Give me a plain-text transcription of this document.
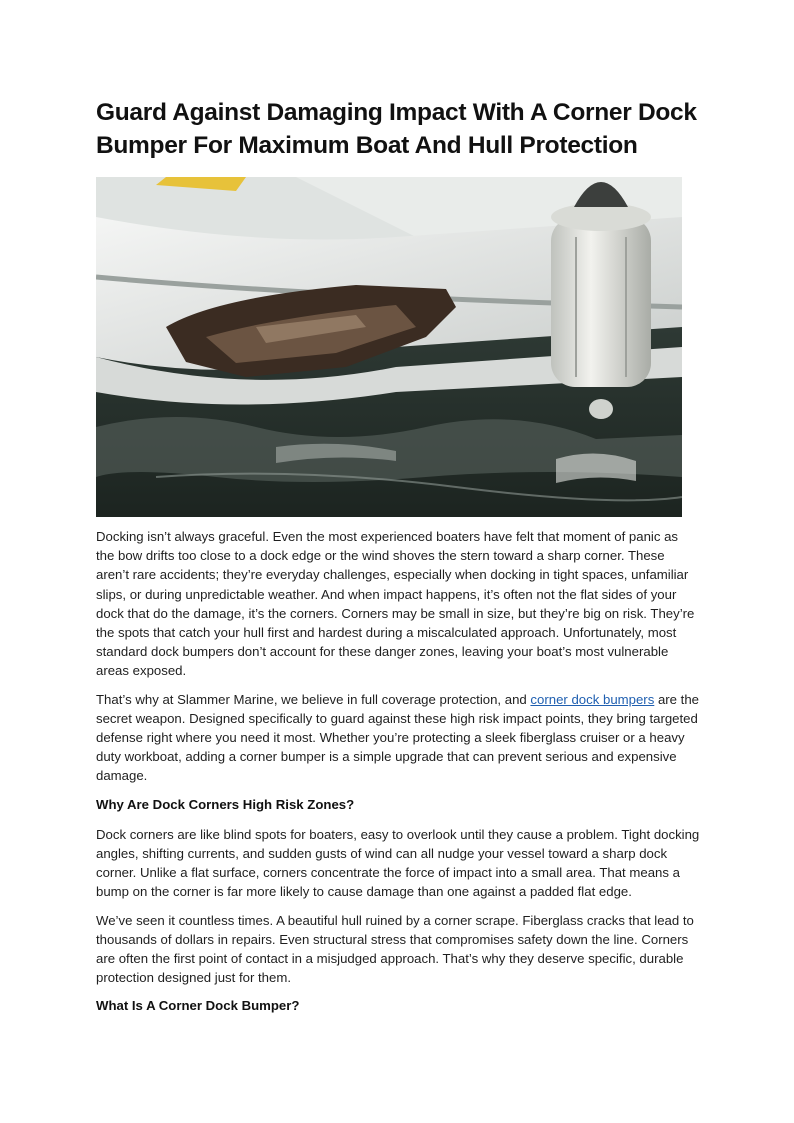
Guard Against Damaging Impact With A Corner Dock Bumper For Maximum Boat And Hull Protection

Docking isn’t always graceful. Even the most experienced boaters have felt that moment of panic as the bow drifts too close to a dock edge or the wind shoves the stern toward a sharp corner. These aren’t rare accidents; they’re everyday challenges, especially when docking in tight spaces, unfamiliar slips, or during unpredictable weather. And when impact happens, it’s often not the flat sides of your dock that do the damage, it’s the corners. Corners may be small in size, but they’re big on risk. They’re the spots that catch your hull first and hardest during a miscalculated approach. Unfortunately, most standard dock bumpers don’t account for these danger zones, leaving your boat’s most vulnerable areas exposed.

That’s why at Slammer Marine, we believe in full coverage protection, and corner dock bumpers are the secret weapon. Designed specifically to guard against these high risk impact points, they bring targeted defense right where you need it most. Whether you’re protecting a sleek fiberglass cruiser or a heavy duty workboat, adding a corner bumper is a simple upgrade that can prevent serious and expensive damage.

Why Are Dock Corners High Risk Zones?

Dock corners are like blind spots for boaters, easy to overlook until they cause a problem. Tight docking angles, shifting currents, and sudden gusts of wind can all nudge your vessel toward a sharp dock corner. Unlike a flat surface, corners concentrate the force of impact into a small area. That means a bump on the corner is far more likely to cause damage than one against a padded flat edge.

We’ve seen it countless times. A beautiful hull ruined by a corner scrape. Fiberglass cracks that lead to thousands of dollars in repairs. Even structural stress that compromises safety down the line. Corners are often the first point of contact in a misjudged approach. That’s why they deserve specific, durable protection designed just for them.

What Is A Corner Dock Bumper?
